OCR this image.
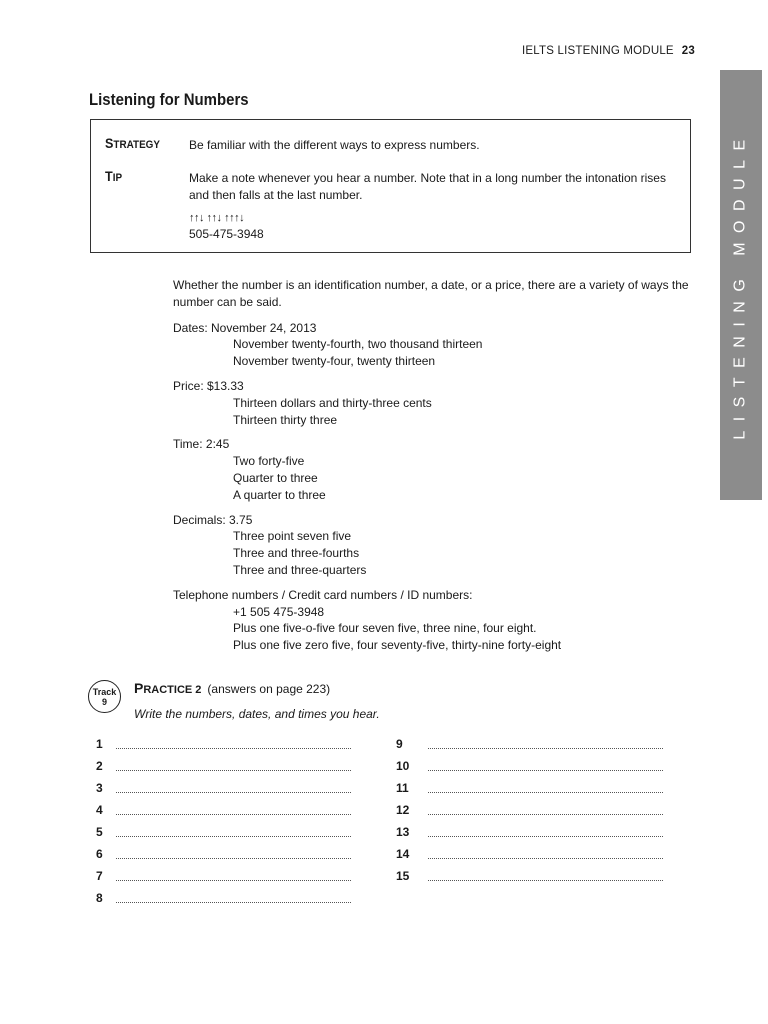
IELTS LISTENING MODULE 23
LISTENING MODULE
Listening for Numbers
STRATEGY Be familiar with the different ways to express numbers.
TIP	Make a note whenever you hear a number. Note that in a long number the intonation rises and then falls at the last number.
↑↑↓ ↑↑↓ ↑↑↑↓
505-475-3948

Whether the number is an identification number, a date, or a price, there are a variety of ways the number can be said.

Dates: November 24, 2013

November twenty-fourth, two thousand thirteen

November twenty-four, twenty thirteen

Price: $13.33

Thirteen dollars and thirty-three cents

Thirteen thirty three

Time: 2:45

Two forty-five

Quarter to three

A quarter to three

Decimals: 3.75

Three point seven five

Three and three-fourths

Three and three-quarters

Telephone numbers / Credit card numbers / ID numbers:

+1 505 475-3948

Plus one five-o-five four seven five, three nine, four eight.

Plus one five zero five, four seventy-five, thirty-nine forty-eight

Track
9
PRACTICE 2 (answers on page 223)
Write the numbers, dates, and times you hear.
1
2
3
4
5
6
7
8
9
10
11
12
13
14
15
